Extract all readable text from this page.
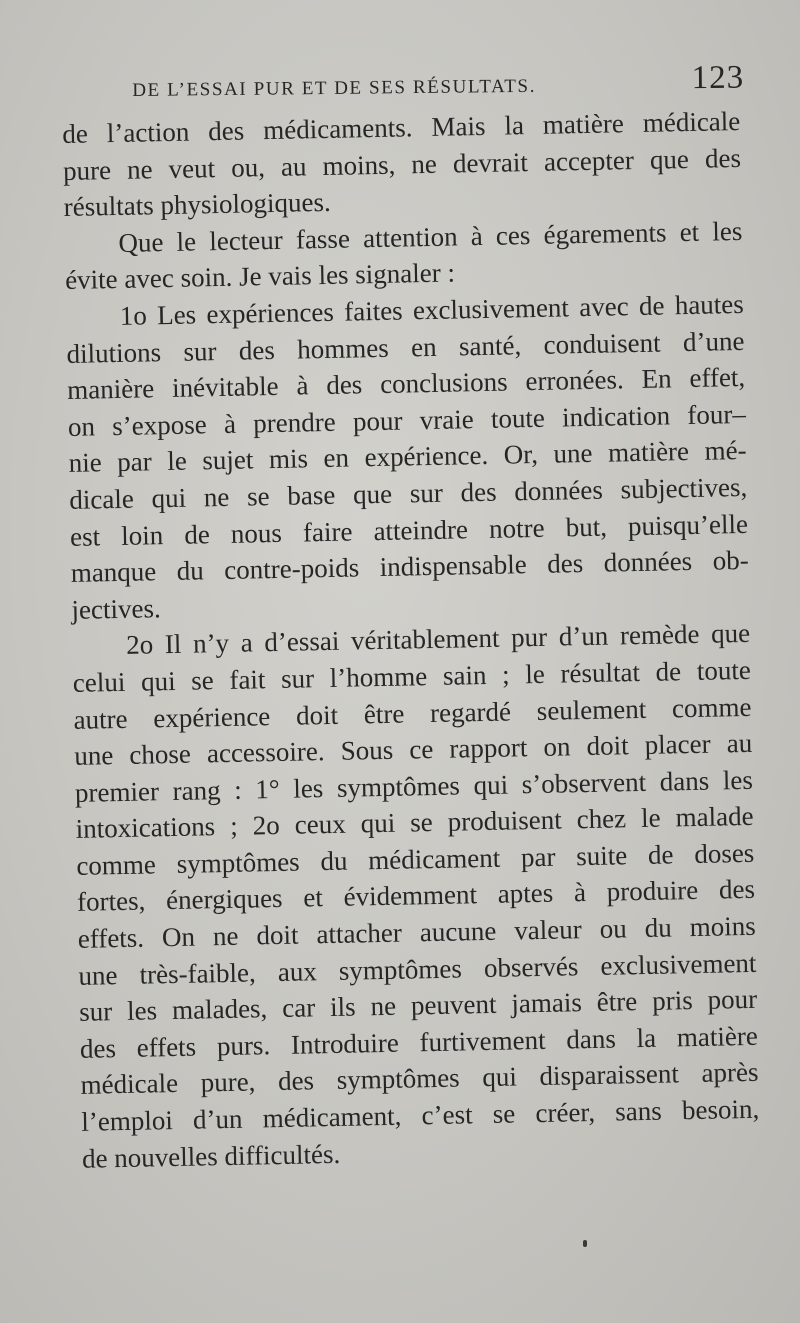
DE L’ESSAI PUR ET DE SES RÉSULTATS.	123
de l’action des médicaments. Mais la matière médicale
pure ne veut ou, au moins, ne devrait accepter que des
résultats physiologiques.
Que le lecteur fasse attention à ces égarements et les
évite avec soin. Je vais les signaler :
1o Les expériences faites exclusivement avec de hautes
dilutions sur des hommes en santé, conduisent d’une
manière inévitable à des conclusions erronées. En effet,
on s’expose à prendre pour vraie toute indication four–
nie par le sujet mis en expérience. Or, une matière mé-
dicale qui ne se base que sur des données subjectives,
est loin de nous faire atteindre notre but, puisqu’elle
manque du contre-poids indispensable des données ob-
jectives.
2o Il n’y a d’essai véritablement pur d’un remède que
celui qui se fait sur l’homme sain ; le résultat de toute
autre expérience doit être regardé seulement comme
une chose accessoire. Sous ce rapport on doit placer au
premier rang : 1° les symptômes qui s’observent dans les
intoxications ; 2o ceux qui se produisent chez le malade
comme symptômes du médicament par suite de doses
fortes, énergiques et évidemment aptes à produire des
effets. On ne doit attacher aucune valeur ou du moins
une très-faible, aux symptômes observés exclusivement
sur les malades, car ils ne peuvent jamais être pris pour
des effets purs. Introduire furtivement dans la matière
médicale pure, des symptômes qui disparaissent après
l’emploi d’un médicament, c’est se créer, sans besoin,
de nouvelles difficultés.
